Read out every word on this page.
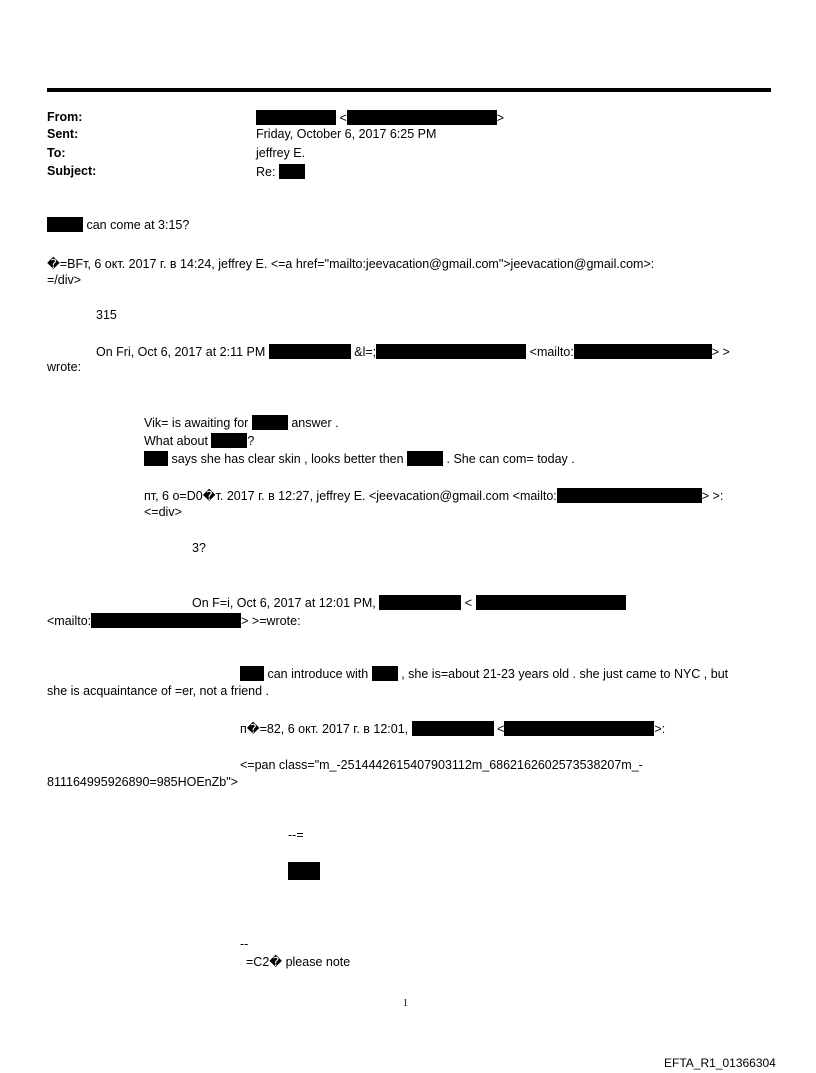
From:	<	>
Sent:	Friday, October 6, 2017 6:25 PM
To:	jeffrey E.
Subject:	Re:
can come at 3:15?
�=BFт, 6 окт. 2017 г. в 14:24, jeffrey E. <=a href="mailto:jeevacation@gmail.com">jeevacation@gmail.com>:
=/div>
315
On Fri, Oct 6, 2017 at 2:11 PM	&l=;	<mailto:	> >
wrote:
Vik= is awaiting for	answer .
What about	?
says she has clear skin , looks better then	. She can com= today .
пт, 6 о=D0�т. 2017 г. в 12:27, jeffrey E. <jeevacation@gmail.com <mailto:	> >:
<=div>
3?
On F=i, Oct 6, 2017 at 12:01 PM,	<
<mailto:	> >=wrote:
can introduce with	, she is=about 21-23 years old . she just came to NYC , but
she is acquaintance of =er, not a friend .
п�=82, 6 окт. 2017 г. в 12:01,	<	>:
<=pan class="m_-2514442615407903112m_6862162602573538207m_-
811164995926890=985HOEnZb">
--=
--
=C2� please note
1
EFTA_R1_01366304
